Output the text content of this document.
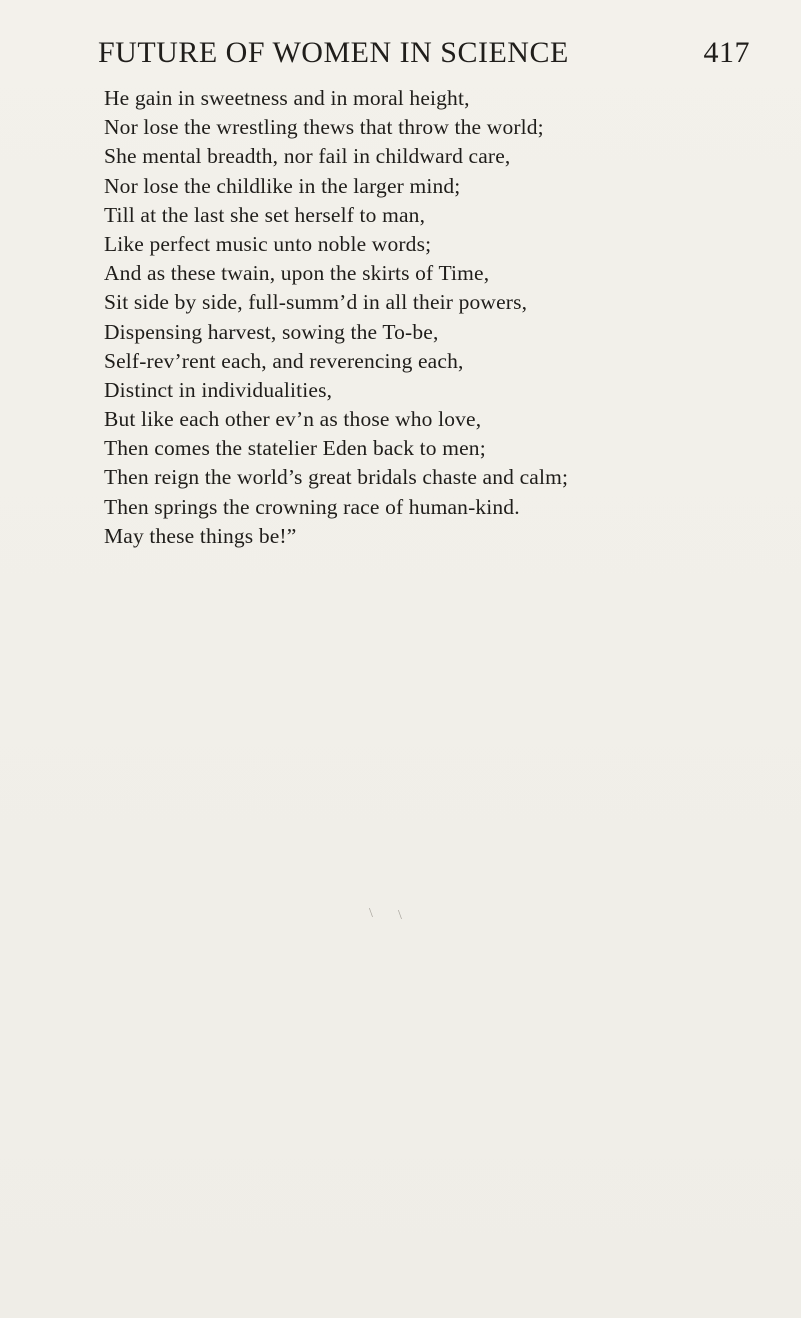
FUTURE OF WOMEN IN SCIENCE	417
He gain in sweetness and in moral height,
Nor lose the wrestling thews that throw the world;
She mental breadth, nor fail in childward care,
Nor lose the childlike in the larger mind;
Till at the last she set herself to man,
Like perfect music unto noble words;
And as these twain, upon the skirts of Time,
Sit side by side, full-summ’d in all their powers,
Dispensing harvest, sowing the To-be,
Self-rev’rent each, and reverencing each,
Distinct in individualities,
But like each other ev’n as those who love,
Then comes the statelier Eden back to men;
Then reign the world’s great bridals chaste and calm;
Then springs the crowning race of human-kind.
May these things be!”
\ \
